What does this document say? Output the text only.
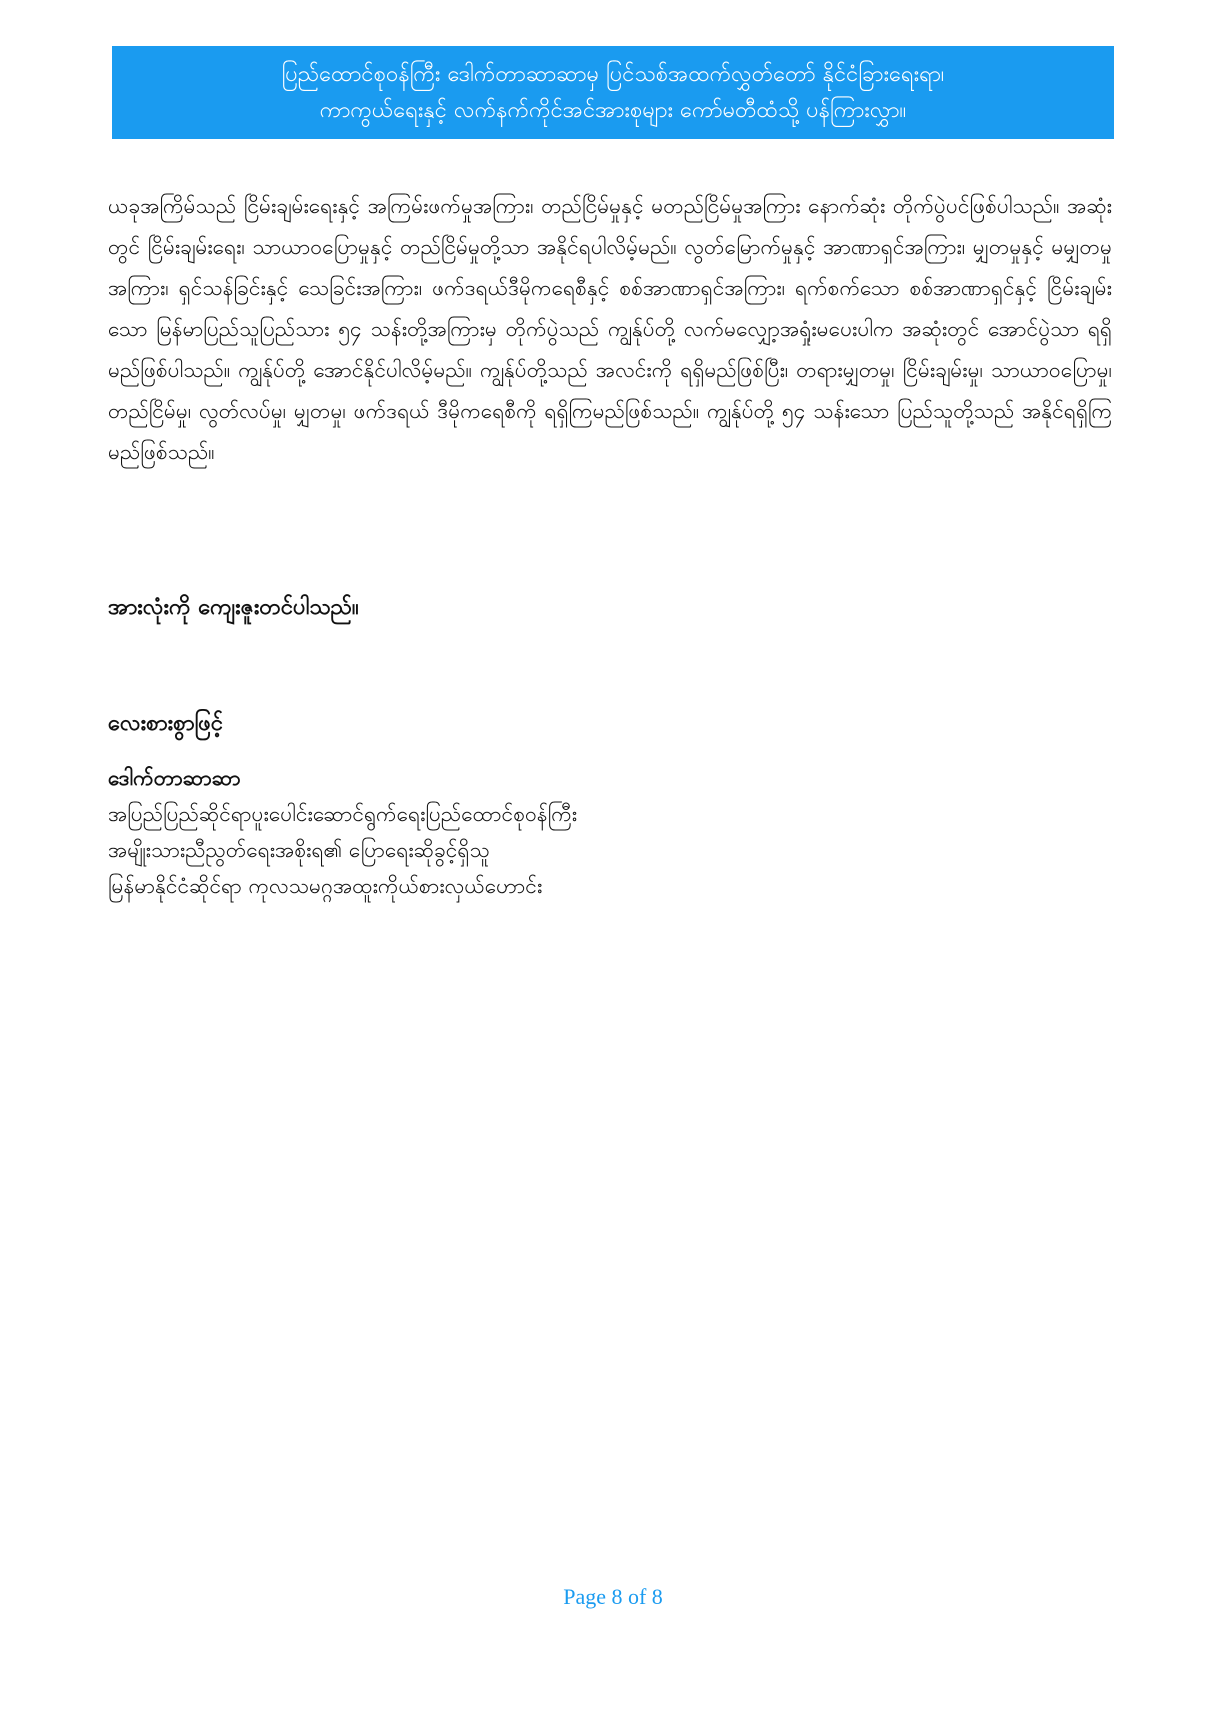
ပြည်ထောင်စုဝန်ကြီး ဒေါက်တာဆာဆာမှ ပြင်သစ်အထက်လွှတ်တော် နိုင်ငံခြားရေးရာ၊
ကာကွယ်ရေးနှင့် လက်နက်ကိုင်အင်အားစုများ ကော်မတီထံသို့ ပန်ကြားလွှာ။

ယခုအကြိမ်သည် ငြိမ်းချမ်းရေးနှင့် အကြမ်းဖက်မှုအကြား၊ တည်ငြိမ်မှုနှင့် မတည်ငြိမ်မှုအကြား နောက်ဆုံး တိုက်ပွဲပင်ဖြစ်ပါသည်။ အဆုံးတွင် ငြိမ်းချမ်းရေး၊ သာယာဝပြောမှုနှင့် တည်ငြိမ်မှုတို့သာ အနိုင်ရပါလိမ့်မည်။ လွတ်မြောက်မှုနှင့် အာဏာရှင်အကြား၊ မျှတမှုနှင့် မမျှတမှုအကြား၊ ရှင်သန်ခြင်းနှင့် သေခြင်းအကြား၊ ဖက်ဒရယ်ဒီမိုကရေစီနှင့် စစ်အာဏာရှင်အကြား၊ ရက်စက်သော စစ်အာဏာရှင်နှင့် ငြိမ်းချမ်းသော မြန်မာပြည်သူပြည်သား ၅၄ သန်းတို့အကြားမှ တိုက်ပွဲသည် ကျွန်ုပ်တို့ လက်မလျှော့အရှုံးမပေးပါက အဆုံးတွင် အောင်ပွဲသာ ရရှိမည်ဖြစ်ပါသည်။ ကျွန်ုပ်တို့ အောင်နိုင်ပါလိမ့်မည်။ ကျွန်ုပ်တို့သည် အလင်းကို ရရှိမည်ဖြစ်ပြီး၊ တရားမျှတမှု၊ ငြိမ်းချမ်းမှု၊ သာယာဝပြောမှု၊ တည်ငြိမ်မှု၊ လွတ်လပ်မှု၊ မျှတမှု၊ ဖက်ဒရယ် ဒီမိုကရေစီကို ရရှိကြမည်ဖြစ်သည်။ ကျွန်ုပ်တို့ ၅၄ သန်းသော ပြည်သူတို့သည် အနိုင်ရရှိကြမည်ဖြစ်သည်။

အားလုံးကို ကျေးဇူးတင်ပါသည်။

လေးစားစွာဖြင့်

ဒေါက်တာဆာဆာ
အပြည်ပြည်ဆိုင်ရာပူးပေါင်းဆောင်ရွက်ရေးပြည်ထောင်စုဝန်ကြီး
အမျိုးသားညီညွတ်ရေးအစိုးရ၏ ပြောရေးဆိုခွင့်ရှိသူ
မြန်မာနိုင်ငံဆိုင်ရာ ကုလသမဂ္ဂအထူးကိုယ်စားလှယ်ဟောင်း
Page 8 of 8
